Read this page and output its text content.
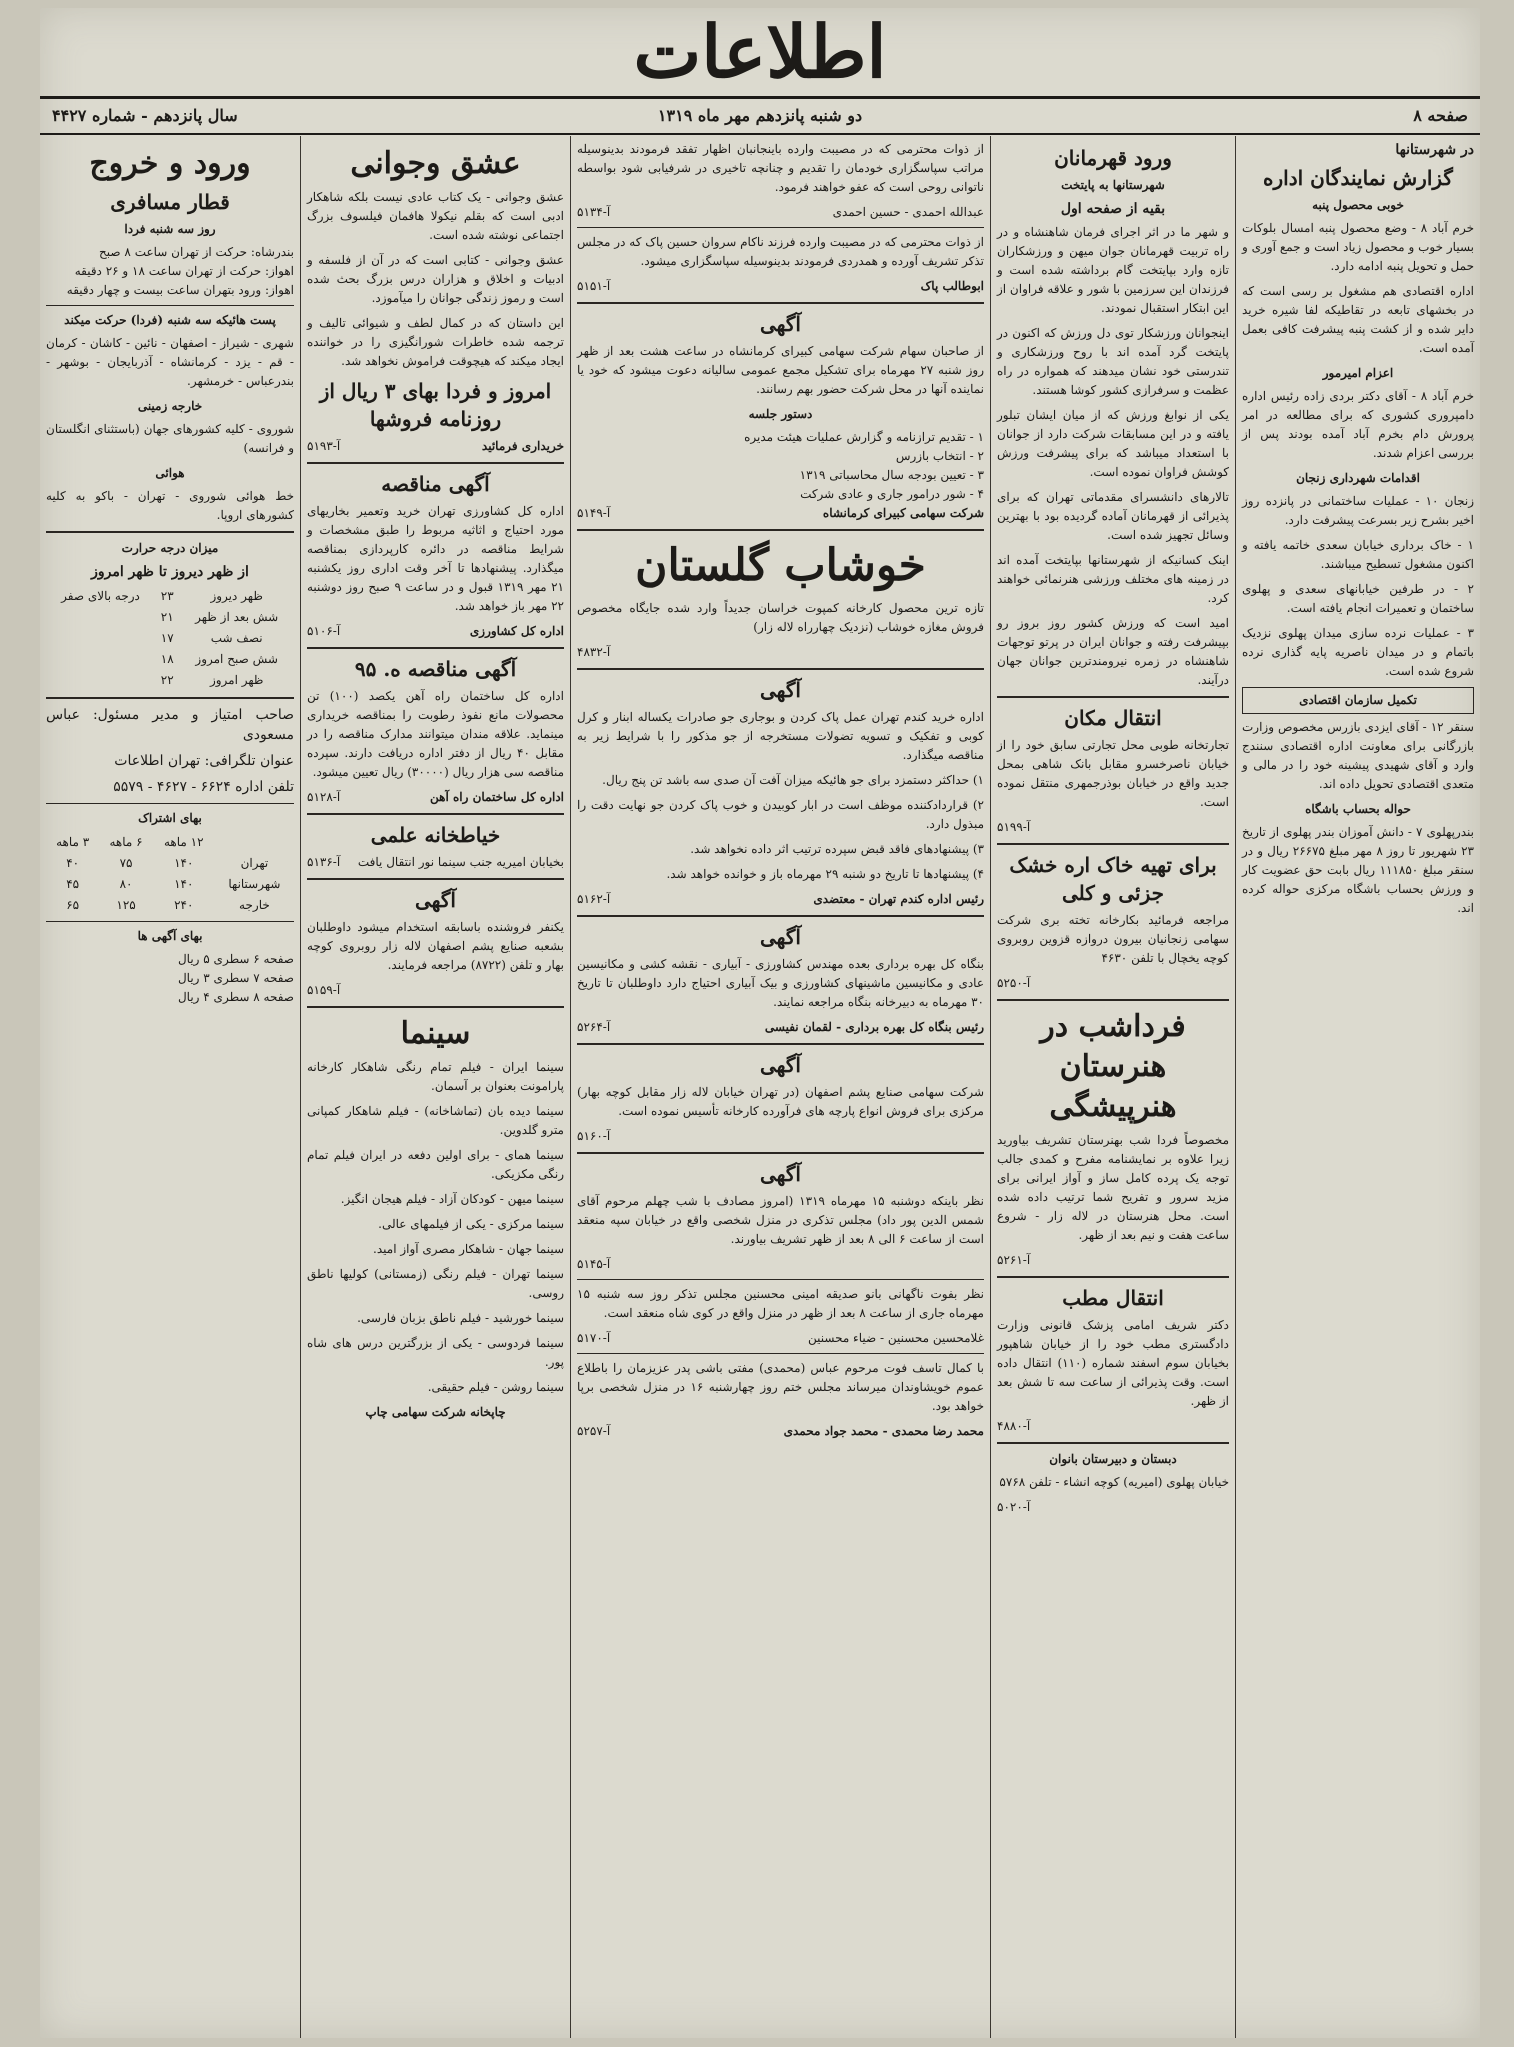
اطلاعات
صفحه ۸
دو شنبه پانزدهم مهر ماه ۱۳۱۹
سال پانزدهم - شماره ۴۴۲۷
در شهرستانها
گزارش نمایندگان اداره
خوبی محصول پنبه

خرم آباد ۸ - وضع محصول پنبه امسال بلوکات بسیار خوب و محصول زیاد است و جمع آوری و حمل و تحویل پنبه ادامه دارد.

اداره اقتصادی هم مشغول بر رسی است که در بخشهای تابعه در تقاطیکه لفا شیره خرید داير شده و از کشت پنبه پیشرفت کافی بعمل آمده است.

اعزام امیرمور

خرم آباد ۸ - آقای دکتر بردی زاده رئیس اداره دامپروری کشوری که برای مطالعه در امر پرورش دام بخرم آباد آمده بودند پس از بررسی اعزام شدند.

اقدامات شهرداری زنجان

زنجان ۱۰ - عملیات ساختمانی در پانزده روز اخیر بشرح زیر بسرعت پیشرفت دارد.

۱ - خاک برداری خیابان سعدی خاتمه یافته و اکنون مشغول تسطیح میباشند.

۲ - در طرفین خیابانهای سعدی و پهلوی ساختمان و تعمیرات انجام یافته است.

۳ - عملیات نرده سازی میدان پهلوی نزدیک باتمام و در میدان ناصریه پایه گذاری نرده شروع شده است.

تکمیل سازمان اقتصادی

سنقر ۱۲ - آقای ایزدی بازرس مخصوص وزارت بازرگانی برای معاونت اداره اقتصادی سنندج وارد و آقای شهیدی پیشینه خود را در مالی و متعدی اقتصادی تحویل داده اند.

حواله بحساب باشگاه

بندرپهلوی ۷ - دانش آموزان بندر پهلوی از تاریخ ۲۳ شهریور تا روز ۸ مهر مبلغ ۲۶۶۷۵ ریال و در سنقر مبلغ ۱۱۱۸۵۰ ریال بابت حق عضویت کار و ورزش بحساب باشگاه مرکزی حواله کرده اند.

ورود قهرمانان
شهرستانها به پایتخت
بقیه از صفحه اول

و شهر ما در اثر اجرای فرمان شاهنشاه و در راه تربیت قهرمانان جوان میهن و ورزشکاران تازه وارد بپایتخت گام برداشته شده است و فرزندان این سرزمین با شور و علاقه فراوان از این ابتکار استقبال نمودند.

اینجوانان ورزشکار توی دل ورزش که اکنون در پایتخت گرد آمده اند با روح ورزشکاری و تندرستی خود نشان میدهند که همواره در راه عظمت و سرفرازی کشور کوشا هستند.

یکی از نوابغ ورزش که از میان ایشان تبلور یافته و در این مسابقات شرکت دارد از جوانان با استعداد میباشد که برای پیشرفت ورزش کوشش فراوان نموده است.

تالارهای دانشسرای مقدماتی تهران که برای پذیرائی از قهرمانان آماده گردیده بود با بهترین وسائل تجهیز شده است.

اینک کسانیکه از شهرستانها بپایتخت آمده اند در زمینه های مختلف ورزشی هنرنمائی خواهند کرد.

امید است که ورزش کشور روز بروز رو بپیشرفت رفته و جوانان ایران در پرتو توجهات شاهنشاه در زمره نیرومندترین جوانان جهان درآیند.

انتقال مکان

تجارتخانه طوبی محل تجارتی سابق خود را از خیابان ناصرخسرو مقابل بانک شاهی بمحل جدید واقع در خیابان بوذرجمهری منتقل نموده است.

آ-۵۱۹۹
برای تهیه خاک اره خشک جزئی و کلی

مراجعه فرمائید بکارخانه تخته بری شرکت سهامی زنجانیان بیرون دروازه قزوین روبروی کوچه یخچال با تلفن ۴۶۳۰

آ-۵۲۵۰
فرداشب در هنرستان هنرپیشگی

مخصوصاً فردا شب بهنرستان تشریف بیاورید زیرا علاوه بر نمایشنامه مفرح و کمدی جالب توجه یک پرده کامل ساز و آواز ایرانی برای مزید سرور و تفریح شما ترتیب داده شده است. محل هنرستان در لاله زار - شروع ساعت هفت و نیم بعد از ظهر.

آ-۵۲۶۱
انتقال مطب

دکتر شریف امامی پزشک قانونی وزارت دادگستری مطب خود را از خیابان شاهپور بخیابان سوم اسفند شماره (۱۱۰) انتقال داده است. وقت پذیرائی از ساعت سه تا شش بعد از ظهر.

آ-۴۸۸۰
دبستان و دبیرستان بانوان

خیابان پهلوی (امیریه) کوچه انشاء - تلفن ۵۷۶۸

آ-۵۰۲۰

از ذوات محترمی که در مصیبت وارده باینجانبان اظهار تفقد فرمودند بدینوسیله مراتب سپاسگزاری خودمان را تقدیم و چنانچه تاخیری در شرفیابی شود بواسطه ناتوانی روحی است که عفو خواهند فرمود.

عبدالله احمدی - حسین احمدی
آ-۵۱۳۴

از ذوات محترمی که در مصیبت وارده فرزند ناکام سروان حسین پاک که در مجلس تذکر تشریف آورده و همدردی فرمودند بدینوسیله سپاسگزاری میشود.

ابوطالب پاک
آ-۵۱۵۱
آگهی

از صاحبان سهام شرکت سهامی کبیرای کرمانشاه در ساعت هشت بعد از ظهر روز شنبه ۲۷ مهرماه برای تشکیل مجمع عمومی سالیانه دعوت میشود که خود یا نماینده آنها در محل شرکت حضور بهم رسانند.

دستور جلسه
۱ - تقدیم ترازنامه و گزارش عملیات هیئت مدیره
۲ - انتخاب بازرس
۳ - تعیین بودجه سال محاسباتی ۱۳۱۹
۴ - شور درامور جاری و عادی شرکت
شرکت سهامی کبیرای کرمانشاه
آ-۵۱۴۹
خوشاب گلستان

تازه ترین محصول کارخانه کمپوت خراسان جدیداً وارد شده جایگاه مخصوص فروش مغازه خوشاب (نزدیک چهارراه لاله زار)

آ-۴۸۳۲
آگهی

اداره خرید کندم تهران عمل پاک کردن و بوجاری جو صادرات یکساله ابنار و کرل کوبی و تفکیک و تسویه تضولات مستخرجه از جو مذکور را با شرایط زیر به مناقصه میگذارد.

۱) حداکثر دستمزد برای جو هائیکه میزان آفت آن صدی سه باشد تن پنج ریال.

۲) قراردادکننده موظف است در ابار کوبیدن و خوب پاک کردن جو نهایت دقت را مبذول دارد.

۳) پیشنهادهای فاقد قبض سپرده ترتیب اثر داده نخواهد شد.

۴) پیشنهادها تا تاریخ دو شنبه ۲۹ مهرماه باز و خوانده خواهد شد.

رئیس اداره کندم تهران - معتضدی
آ-۵۱۶۲
آگهی

بنگاه کل بهره برداری بعده مهندس کشاورزی - آبیاری - نقشه کشی و مکانیسین عادی و مکانیسین ماشینهای کشاورزی و بیک آبیاری احتیاج دارد داوطلبان تا تاریخ ۳۰ مهرماه به دبیرخانه بنگاه مراجعه نمایند.

رئیس بنگاه کل بهره برداری - لقمان نفیسی
آ-۵۲۶۴
آگهی

شرکت سهامی صنایع پشم اصفهان (در تهران خیابان لاله زار مقابل کوچه بهار) مرکزی برای فروش انواع پارچه های فرآورده کارخانه تأسیس نموده است.

آ-۵۱۶۰
آگهی

نظر باینکه دوشنبه ۱۵ مهرماه ۱۳۱۹ (امروز مصادف با شب چهلم مرحوم آقای شمس الدین پور داد) مجلس تذکری در منزل شخصی واقع در خیابان سپه منعقد است از ساعت ۶ الی ۸ بعد از ظهر تشریف بیاورند.

آ-۵۱۴۵

نظر بفوت ناگهانی بانو صدیقه امینی محسنین مجلس تذکر روز سه شنبه ۱۵ مهرماه جاری از ساعت ۸ بعد از ظهر در منزل واقع در کوی شاه منعقد است.

غلامحسین محسنین - ضیاء محسنین
آ-۵۱۷۰

با کمال تاسف فوت مرحوم عباس (محمدی) مفتی باشی پدر عزیزمان را باطلاع عموم خویشاوندان میرساند مجلس ختم روز چهارشنبه ۱۶ در منزل شخصی برپا خواهد بود.

محمد رضا محمدی - محمد جواد محمدی
آ-۵۲۵۷
عشق وجوانی

عشق وجوانی - یک کتاب عادی نیست بلکه شاهکار ادبی است که بقلم نیکولا هافمان فیلسوف بزرگ اجتماعی نوشته شده است.

عشق وجوانی - کتابی است که در آن از فلسفه و ادبیات و اخلاق و هزاران درس بزرگ بحث شده است و رموز زندگی جوانان را میآموزد.

این داستان که در کمال لطف و شیوائی تالیف و ترجمه شده خاطرات شورانگیزی را در خواننده ایجاد میکند که هیچوقت فراموش نخواهد شد.

امروز و فردا بهای ۳ ریال از روزنامه فروشها
خریداری فرمائید
آ-۵۱۹۳
آگهی مناقصه

اداره کل کشاورزی تهران خرید وتعمیر بخاریهای مورد احتیاج و اثاثیه مربوط را طبق مشخصات و شرایط مناقصه در دائره کارپردازی بمناقصه میگذارد. پیشنهادها تا آخر وقت اداری روز یکشنبه ۲۱ مهر ۱۳۱۹ قبول و در ساعت ۹ صبح روز دوشنبه ۲۲ مهر باز خواهد شد.

اداره کل کشاورزی
آ-۵۱۰۶
آگهی مناقصه ه. ۹۵

اداره کل ساختمان راه آهن یکصد (۱۰۰) تن محصولات مانع نفوذ رطوبت را بمناقصه خریداری مینماید. علاقه مندان میتوانند مدارک مناقصه را در مقابل ۴۰ ریال از دفتر اداره دریافت دارند. سپرده مناقصه سی هزار ریال (۳۰۰۰۰) ریال تعیین میشود.

اداره کل ساختمان راه آهن
آ-۵۱۲۸
خیاطخانه علمی
بخیابان امیریه جنب سینما نور انتقال یافت
آ-۵۱۳۶
آگهی

یکنفر فروشنده باسابقه استخدام میشود داوطلبان بشعبه صنایع پشم اصفهان لاله زار روبروی کوچه بهار و تلفن (۸۷۲۲) مراجعه فرمایند.

آ-۵۱۵۹
سینما

سینما ایران - فیلم تمام رنگی شاهکار کارخانه پارامونت بعنوان بر آسمان.

سینما دیده بان (تماشاخانه) - فیلم شاهکار کمپانی مترو گلدوین.

سینما همای - برای اولین دفعه در ایران فیلم تمام رنگی مکزیکی.

سینما میهن - کودکان آزاد - فیلم هیجان انگیز.

سینما مرکزی - یکی از فیلمهای عالی.

سینما جهان - شاهکار مصری آواز امید.

سینما تهران - فیلم رنگی (زمستانی) کولیها ناطق روسی.

سینما خورشید - فیلم ناطق بزبان فارسی.

سینما فردوسی - یکی از بزرگترین درس های شاه پور.

سینما روشن - فیلم حقیقی.

چاپخانه شرکت سهامی چاپ
ورود و خروج
قطار مسافری
روز سه شنبه فردا
بندرشاه: حرکت از تهران ساعت ۸ صبح
اهواز: حرکت از تهران ساعت ۱۸ و ۲۶ دقیقه
اهواز: ورود بتهران ساعت بیست و چهار دقیقه
پست هائیکه سه شنبه (فردا) حرکت میکند

شهری - شیراز - اصفهان - نائین - کاشان - کرمان - قم - یزد - کرمانشاه - آذربایجان - بوشهر - بندرعباس - خرمشهر.

خارجه زمینی

شوروی - کلیه کشورهای جهان (باستثنای انگلستان و فرانسه)

هوائی

خط هوائی شوروی - تهران - باکو به کلیه کشورهای اروپا.

میزان درجه حرارت
از ظهر دیروز تا ظهر امروز
ظهر دیروز	۲۳	درجه بالای صفر
شش بعد از ظهر	۲۱	
نصف شب	۱۷	
شش صبح امروز	۱۸	
ظهر امروز	۲۲	

صاحب امتیاز و مدیر مسئول: عباس مسعودی

عنوان تلگرافی: تهران اطلاعات

تلفن اداره ۶۶۲۴ - ۴۶۲۷ - ۵۵۷۹

بهای اشتراک
	۱۲ ماهه	۶ ماهه	۳ ماهه
تهران	۱۴۰	۷۵	۴۰
شهرستانها	۱۴۰	۸۰	۴۵
خارجه	۲۴۰	۱۲۵	۶۵
بهای آگهی ها
صفحه ۶ سطری ۵ ریال
صفحه ۷ سطری ۳ ریال
صفحه ۸ سطری ۴ ریال
